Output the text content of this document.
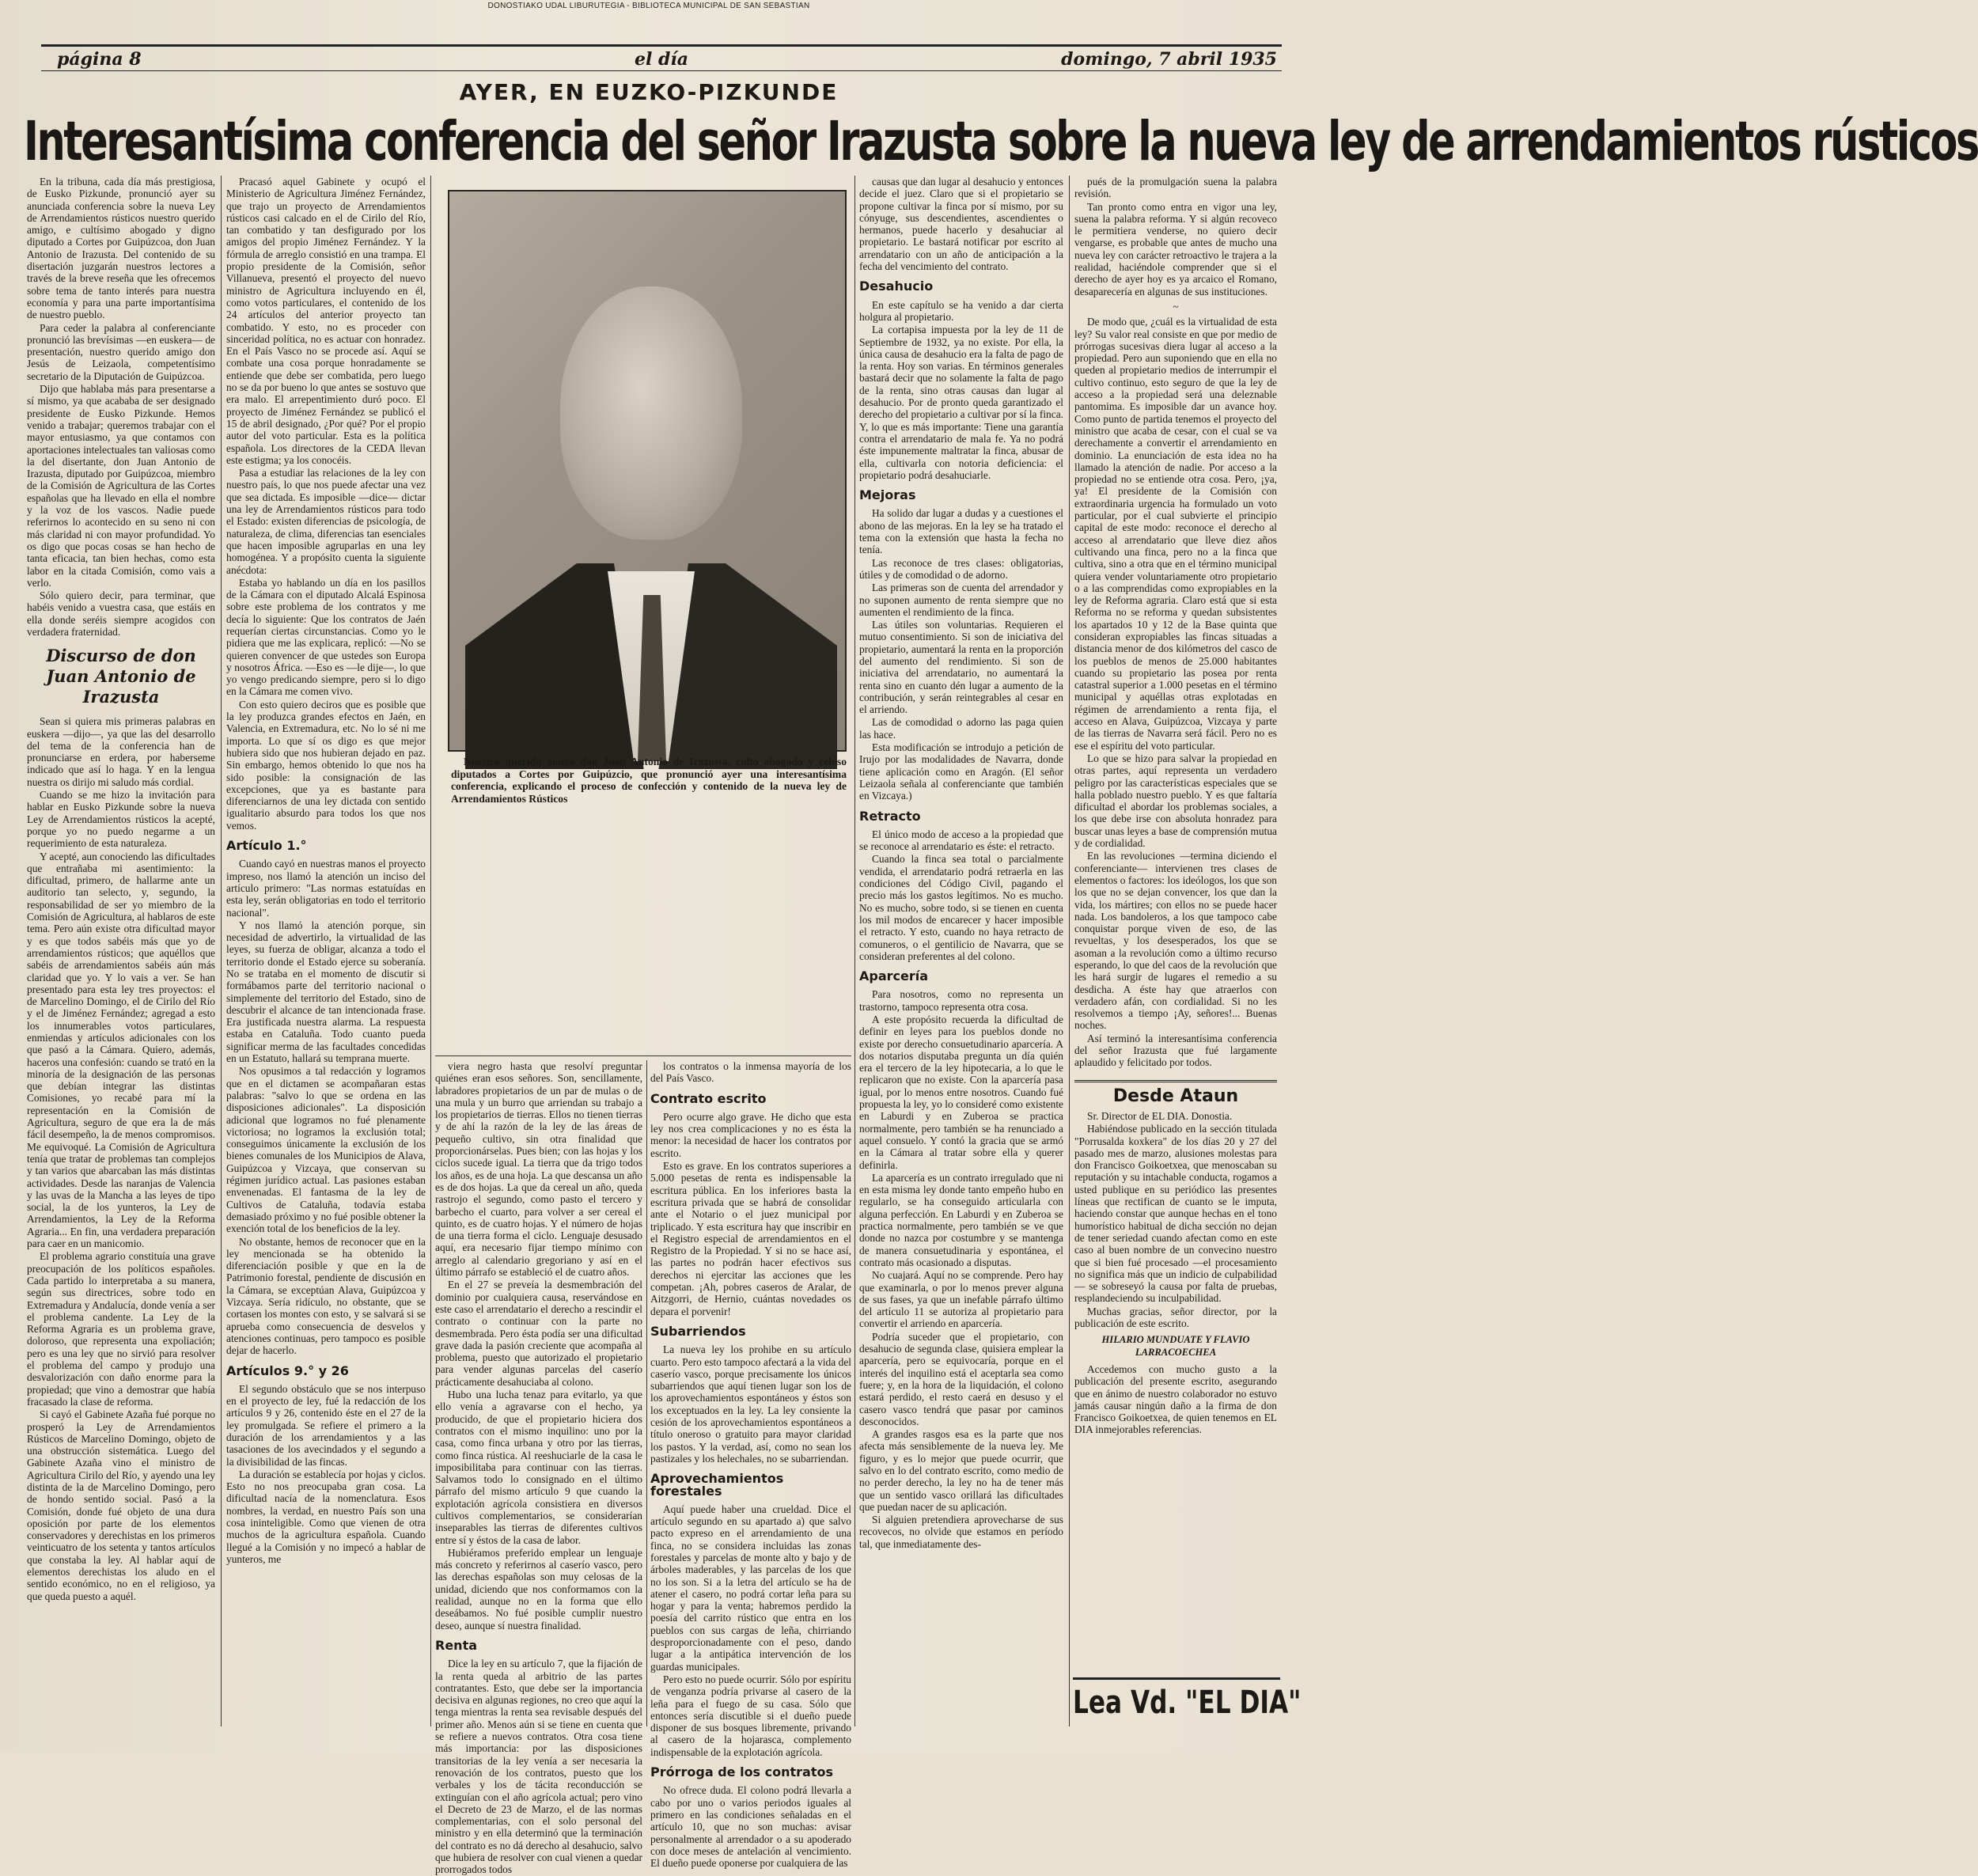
DONOSTIAKO UDAL LIBURUTEGIA - BIBLIOTECA MUNICIPAL DE SAN SEBASTIAN
página 8	el día	domingo, 7 abril 1935
AYER, EN EUZKO-PIZKUNDE
Interesantísima conferencia del señor Irazusta sobre la nueva ley de arrendamientos rústicos

En la tribuna, cada día más prestigiosa, de Eusko Pizkunde, pronunció ayer su anunciada conferencia sobre la nueva Ley de Arrendamientos rústicos nuestro querido amigo, e cultísimo abogado y digno diputado a Cortes por Guipúzcoa, don Juan Antonio de Irazusta. Del contenido de su disertación juzgarán nuestros lectores a través de la breve reseña que les ofrecemos sobre tema de tanto interés para nuestra economía y para una parte importantísima de nuestro pueblo.

Para ceder la palabra al conferenciante pronunció las brevísimas —en euskera— de presentación, nuestro querido amigo don Jesús de Leizaola, competentísimo secretario de la Diputación de Guipúzcoa.

Dijo que hablaba más para presentarse a sí mismo, ya que acababa de ser designado presidente de Eusko Pizkunde. Hemos venido a trabajar; queremos trabajar con el mayor entusiasmo, ya que contamos con aportaciones intelectuales tan valiosas como la del disertante, don Juan Antonio de Irazusta, diputado por Guipúzcoa, miembro de la Comisión de Agricultura de las Cortes españolas que ha llevado en ella el nombre y la voz de los vascos. Nadie puede referirnos lo acontecido en su seno ni con más claridad ni con mayor profundidad. Yo os digo que pocas cosas se han hecho de tanta eficacia, tan bien hechas, como esta labor en la citada Comisión, como vais a verlo.

Sólo quiero decir, para terminar, que habéis venido a vuestra casa, que estáis en ella donde seréis siempre acogidos con verdadera fraternidad.

Discurso de don Juan Antonio de Irazusta

Sean si quiera mis primeras palabras en euskera —dijo—, ya que las del desarrollo del tema de la conferencia han de pronunciarse en erdera, por haberseme indicado que así lo haga. Y en la lengua nuestra os dirijo mi saludo más cordial.

Cuando se me hizo la invitación para hablar en Eusko Pizkunde sobre la nueva Ley de Arrendamientos rústicos la acepté, porque yo no puedo negarme a un requerimiento de esta naturaleza.

Y acepté, aun conociendo las dificultades que entrañaba mi asentimiento: la dificultad, primero, de hallarme ante un auditorio tan selecto, y, segundo, la responsabilidad de ser yo miembro de la Comisión de Agricultura, al hablaros de este tema. Pero aún existe otra dificultad mayor y es que todos sabéis más que yo de arrendamientos rústicos; que aquéllos que sabéis de arrendamientos sabéis aún más claridad que yo. Y lo vais a ver. Se han presentado para esta ley tres proyectos: el de Marcelino Domingo, el de Cirilo del Río y el de Jiménez Fernández; agregad a esto los innumerables votos particulares, enmiendas y artículos adicionales con los que pasó a la Cámara. Quiero, además, haceros una confesión: cuando se trató en la minoría de la designación de las personas que debían integrar las distintas Comisiones, yo recabé para mí la representación en la Comisión de Agricultura, seguro de que era la de más fácil desempeño, la de menos compromisos. Me equivoqué. La Comisión de Agricultura tenía que tratar de problemas tan complejos y tan varios que abarcaban las más distintas actividades. Desde las naranjas de Valencia y las uvas de la Mancha a las leyes de tipo social, la de los yunteros, la Ley de Arrendamientos, la Ley de la Reforma Agraria... En fin, una verdadera preparación para caer en un manicomio.

El problema agrario constituía una grave preocupación de los políticos españoles. Cada partido lo interpretaba a su manera, según sus directrices, sobre todo en Extremadura y Andalucía, donde venía a ser el problema candente. La Ley de la Reforma Agraria es un problema grave, doloroso, que representa una expoliación; pero es una ley que no sirvió para resolver el problema del campo y produjo una desvalorización con daño enorme para la propiedad; que vino a demostrar que había fracasado la clase de reforma.

Si cayó el Gabinete Azaña fué porque no prosperó la Ley de Arrendamientos Rústicos de Marcelino Domingo, objeto de una obstrucción sistemática. Luego del Gabinete Azaña vino el ministro de Agricultura Cirilo del Río, y ayendo una ley distinta de la de Marcelino Domingo, pero de hondo sentido social. Pasó a la Comisión, donde fué objeto de una dura oposición por parte de los elementos conservadores y derechistas en los primeros veinticuatro de los setenta y tantos artículos que constaba la ley. Al hablar aquí de elementos derechistas los aludo en el sentido económico, no en el religioso, ya que queda puesto a aquél.

Pracasó aquel Gabinete y ocupó el Ministerio de Agricultura Jiménez Fernández, que trajo un proyecto de Arrendamientos rústicos casi calcado en el de Cirilo del Río, tan combatido y tan desfigurado por los amigos del propio Jiménez Fernández. Y la fórmula de arreglo consistió en una trampa. El propio presidente de la Comisión, señor Villanueva, presentó el proyecto del nuevo ministro de Agricultura incluyendo en él, como votos particulares, el contenido de los 24 artículos del anterior proyecto tan combatido. Y esto, no es proceder con sinceridad política, no es actuar con honradez. En el País Vasco no se procede así. Aquí se combate una cosa porque honradamente se entiende que debe ser combatida, pero luego no se da por bueno lo que antes se sostuvo que era malo. El arrepentimiento duró poco. El proyecto de Jiménez Fernández se publicó el 15 de abril designado, ¿Por qué? Por el propio autor del voto particular. Esta es la política española. Los directores de la CEDA llevan este estigma; ya los conocéis.

Pasa a estudiar las relaciones de la ley con nuestro país, lo que nos puede afectar una vez que sea dictada. Es imposible —dice— dictar una ley de Arrendamientos rústicos para todo el Estado: existen diferencias de psicología, de naturaleza, de clima, diferencias tan esenciales que hacen imposible agruparlas en una ley homogénea. Y a propósito cuenta la siguiente anécdota:

Estaba yo hablando un día en los pasillos de la Cámara con el diputado Alcalá Espinosa sobre este problema de los contratos y me decía lo siguiente: Que los contratos de Jaén requerían ciertas circunstancias. Como yo le pidiera que me las explicara, replicó: —No se quieren convencer de que ustedes son Europa y nosotros África. —Eso es —le dije—, lo que yo vengo predicando siempre, pero si lo digo en la Cámara me comen vivo.

Con esto quiero deciros que es posible que la ley produzca grandes efectos en Jaén, en Valencia, en Extremadura, etc. No lo sé ni me importa. Lo que sí os digo es que mejor hubiera sido que nos hubieran dejado en paz. Sin embargo, hemos obtenido lo que nos ha sido posible: la consignación de las excepciones, que ya es bastante para diferenciarnos de una ley dictada con sentido igualitario absurdo para todos los que nos vemos.

Artículo 1.°

Cuando cayó en nuestras manos el proyecto impreso, nos llamó la atención un inciso del artículo primero: "Las normas estatuídas en esta ley, serán obligatorias en todo el territorio nacional".

Y nos llamó la atención porque, sin necesidad de advertirlo, la virtualidad de las leyes, su fuerza de obligar, alcanza a todo el territorio donde el Estado ejerce su soberanía. No se trataba en el momento de discutir si formábamos parte del territorio nacional o simplemente del territorio del Estado, sino de descubrir el alcance de tan intencionada frase. Era justificada nuestra alarma. La respuesta estaba en Cataluña. Todo cuanto pueda significar merma de las facultades concedidas en un Estatuto, hallará su temprana muerte.

Nos opusimos a tal redacción y logramos que en el dictamen se acompañaran estas palabras: "salvo lo que se ordena en las disposiciones adicionales". La disposición adicional que logramos no fué plenamente victoriosa; no logramos la exclusión total; conseguimos únicamente la exclusión de los bienes comunales de los Municipios de Alava, Guipúzcoa y Vizcaya, que conservan su régimen jurídico actual. Las pasiones estaban envenenadas. El fantasma de la ley de Cultivos de Cataluña, todavía estaba demasiado próximo y no fué posible obtener la exención total de los beneficios de la ley.

No obstante, hemos de reconocer que en la ley mencionada se ha obtenido la diferenciación posible y que en la de Patrimonio forestal, pendiente de discusión en la Cámara, se exceptúan Alava, Guipúzcoa y Vizcaya. Sería ridículo, no obstante, que se cortasen los montes con esto, y se salvará si se aprueba como consecuencia de desvelos y atenciones continuas, pero tampoco es posible dejar de hacerlo.

Artículos 9.° y 26

El segundo obstáculo que se nos interpuso en el proyecto de ley, fué la redacción de los artículos 9 y 26, contenido éste en el 27 de la ley promulgada. Se refiere el primero a la duración de los arrendamientos y a las tasaciones de los avecindados y el segundo a la divisibilidad de las fincas.

La duración se establecía por hojas y ciclos. Esto no nos preocupaba gran cosa. La dificultad nacía de la nomenclatura. Esos nombres, la verdad, en nuestro País son una cosa ininteligible. Como que vienen de otra muchos de la agricultura española. Cuando llegué a la Comisión y no impecó a hablar de yunteros, me

Nuestro querido amigo don Juan Antonio de Irazusta, culto abogado y celoso diputados a Cortes por Guipúzcio, que pronunció ayer una interesantísima conferencia, explicando el proceso de confección y contenido de la nueva ley de Arrendamientos Rústicos

viera negro hasta que resolví preguntar quiénes eran esos señores. Son, sencillamente, labradores propietarios de un par de mulas o de una mula y un burro que arriendan su trabajo a los propietarios de tierras. Ellos no tienen tierras y de ahí la razón de la ley de las áreas de pequeño cultivo, sin otra finalidad que proporcionárselas. Pues bien; con las hojas y los ciclos sucede igual. La tierra que da trigo todos los años, es de una hoja. La que descansa un año es de dos hojas. La que da cereal un año, queda rastrojo el segundo, como pasto el tercero y barbecho el cuarto, para volver a ser cereal el quinto, es de cuatro hojas. Y el número de hojas de una tierra forma el ciclo. Lenguaje desusado aquí, era necesario fijar tiempo mínimo con arreglo al calendario gregoriano y así en el último párrafo se estableció el de cuatro años.

En el 27 se preveía la desmembración del dominio por cualquiera causa, reservándose en este caso el arrendatario el derecho a rescindir el contrato o continuar con la parte no desmembrada. Pero ésta podía ser una dificultad grave dada la pasión creciente que acompaña al problema, puesto que autorizado el propietario para vender algunas parcelas del caserío prácticamente desahuciaba al colono.

Hubo una lucha tenaz para evitarlo, ya que ello venía a agravarse con el hecho, ya producido, de que el propietario hiciera dos contratos con el mismo inquilino: uno por la casa, como finca urbana y otro por las tierras, como finca rústica. Al reeshuciarle de la casa le imposibilitaba para continuar con las tierras. Salvamos todo lo consignado en el último párrafo del mismo artículo 9 que cuando la explotación agrícola consistiera en diversos cultivos complementarios, se considerarían inseparables las tierras de diferentes cultivos entre sí y éstos de la casa de labor.

Hubiéramos preferido emplear un lenguaje más concreto y referirnos al caserío vasco, pero las derechas españolas son muy celosas de la unidad, diciendo que nos conformamos con la realidad, aunque no en la forma que ello deseábamos. No fué posible cumplir nuestro deseo, aunque sí nuestra finalidad.

Renta

Dice la ley en su artículo 7, que la fijación de la renta queda al arbitrio de las partes contratantes. Esto, que debe ser la importancia decisiva en algunas regiones, no creo que aquí la tenga mientras la renta sea revisable después del primer año. Menos aún si se tiene en cuenta que se refiere a nuevos contratos. Otra cosa tiene más importancia: por las disposiciones transitorias de la ley venía a ser necesaria la renovación de los contratos, puesto que los verbales y los de tácita reconducción se extinguían con el año agrícola actual; pero vino el Decreto de 23 de Marzo, el de las normas complementarias, con el solo personal del ministro y en ella determinó que la terminación del contrato es no dá derecho al desahucio, salvo que hubiera de resolver con cual vienen a quedar prorrogados todos

los contratos o la inmensa mayoría de los del País Vasco.

Contrato escrito

Pero ocurre algo grave. He dicho que esta ley nos crea complicaciones y no es ésta la menor: la necesidad de hacer los contratos por escrito.

Esto es grave. En los contratos superiores a 5.000 pesetas de renta es indispensable la escritura pública. En los inferiores basta la escritura privada que se habrá de consolidar ante el Notario o el juez municipal por triplicado. Y esta escritura hay que inscribir en el Registro especial de arrendamientos en el Registro de la Propiedad. Y si no se hace así, las partes no podrán hacer efectivos sus derechos ni ejercitar las acciones que les competan. ¡Ah, pobres caseros de Aralar, de Aitzgorri, de Hernio, cuántas novedades os depara el porvenir!

Subarriendos

La nueva ley los prohibe en su artículo cuarto. Pero esto tampoco afectará a la vida del caserío vasco, porque precisamente los únicos subarriendos que aquí tienen lugar son los de los aprovechamientos espontáneos y éstos son los exceptuados en la ley. La ley consiente la cesión de los aprovechamientos espontáneos a título oneroso o gratuito para mayor claridad los pastos. Y la verdad, así, como no sean los pastizales y los helechales, no se subarriendan.

Aprovechamientos forestales

Aquí puede haber una crueldad. Dice el artículo segundo en su apartado a) que salvo pacto expreso en el arrendamiento de una finca, no se considera incluidas las zonas forestales y parcelas de monte alto y bajo y de árboles maderables, y las parcelas de los que no los son. Si a la letra del artículo se ha de atener el casero, no podrá cortar leña para su hogar y para la venta; habremos perdido la poesía del carrito rústico que entra en los pueblos con sus cargas de leña, chirriando desproporcionadamente con el peso, dando lugar a la antipática intervención de los guardas municipales.

Pero esto no puede ocurrir. Sólo por espíritu de venganza podría privarse al casero de la leña para el fuego de su casa. Sólo que entonces sería discutible si el dueño puede disponer de sus bosques libremente, privando al casero de la hojarasca, complemento indispensable de la explotación agrícola.

Prórroga de los contratos

No ofrece duda. El colono podrá llevarla a cabo por uno o varios periodos iguales al primero en las condiciones señaladas en el artículo 10, que no son muchas: avisar personalmente al arrendador o a su apoderado con doce meses de antelación al vencimiento. El dueño puede oponerse por cualquiera de las

causas que dan lugar al desahucio y entonces decide el juez. Claro que si el propietario se propone cultivar la finca por sí mismo, por su cónyuge, sus descendientes, ascendientes o hermanos, puede hacerlo y desahuciar al propietario. Le bastará notificar por escrito al arrendatario con un año de anticipación a la fecha del vencimiento del contrato.

Desahucio

En este capítulo se ha venido a dar cierta holgura al propietario.

La cortapisa impuesta por la ley de 11 de Septiembre de 1932, ya no existe. Por ella, la única causa de desahucio era la falta de pago de la renta. Hoy son varias. En términos generales bastará decir que no solamente la falta de pago de la renta, sino otras causas dan lugar al desahucio. Por de pronto queda garantizado el derecho del propietario a cultivar por sí la finca. Y, lo que es más importante: Tiene una garantía contra el arrendatario de mala fe. Ya no podrá éste impunemente maltratar la finca, abusar de ella, cultivarla con notoria deficiencia: el propietario podrá desahuciarle.

Mejoras

Ha solido dar lugar a dudas y a cuestiones el abono de las mejoras. En la ley se ha tratado el tema con la extensión que hasta la fecha no tenía.

Las reconoce de tres clases: obligatorias, útiles y de comodidad o de adorno.

Las primeras son de cuenta del arrendador y no suponen aumento de renta siempre que no aumenten el rendimiento de la finca.

Las útiles son voluntarias. Requieren el mutuo consentimiento. Si son de iniciativa del propietario, aumentará la renta en la proporción del aumento del rendimiento. Si son de iniciativa del arrendatario, no aumentará la renta sino en cuanto dén lugar a aumento de la contribución, y serán reintegrables al cesar en el arriendo.

Las de comodidad o adorno las paga quien las hace.

Esta modificación se introdujo a petición de Irujo por las modalidades de Navarra, donde tiene aplicación como en Aragón. (El señor Leizaola señala al conferenciante que también en Vizcaya.)

Retracto

El único modo de acceso a la propiedad que se reconoce al arrendatario es éste: el retracto.

Cuando la finca sea total o parcialmente vendida, el arrendatario podrá retraerla en las condiciones del Código Civil, pagando el precio más los gastos legítimos. No es mucho. No es mucho, sobre todo, si se tienen en cuenta los mil modos de encarecer y hacer imposible el retracto. Y esto, cuando no haya retracto de comuneros, o el gentilicio de Navarra, que se consideran preferentes al del colono.

Aparcería

Para nosotros, como no representa un trastorno, tampoco representa otra cosa.

A este propósito recuerda la dificultad de definir en leyes para los pueblos donde no existe por derecho consuetudinario aparcería. A dos notarios disputaba pregunta un día quién era el tercero de la ley hipotecaria, a lo que le replicaron que no existe. Con la aparcería pasa igual, por lo menos entre nosotros. Cuando fué propuesta la ley, yo lo consideré como existente en Laburdi y en Zuberoa se practica normalmente, pero también se ha renunciado a aquel consuelo. Y contó la gracia que se armó en la Cámara al tratar sobre ella y querer definirla.

La aparcería es un contrato irregulado que ni en esta misma ley donde tanto empeño hubo en regularlo, se ha conseguido articularla con alguna perfección. En Laburdi y en Zuberoa se practica normalmente, pero también se ve que donde no nazca por costumbre y se mantenga de manera consuetudinaria y espontánea, el contrato más ocasionado a disputas.

No cuajará. Aquí no se comprende. Pero hay que examinarla, o por lo menos prever alguna de sus fases, ya que un inefable párrafo último del artículo 11 se autoriza al propietario para convertir el arriendo en aparcería.

Podría suceder que el propietario, con desahucio de segunda clase, quisiera emplear la aparcería, pero se equivocaría, porque en el interés del inquilino está el aceptarla sea como fuere; y, en la hora de la liquidación, el colono estará perdido, el resto caerá en desuso y el casero vasco tendrá que pasar por caminos desconocidos.

A grandes rasgos esa es la parte que nos afecta más sensiblemente de la nueva ley. Me figuro, y es lo mejor que puede ocurrir, que salvo en lo del contrato escrito, como medio de no perder derecho, la ley no ha de tener más que un sentido vasco orillará las dificultades que puedan nacer de su aplicación.

Si alguien pretendiera aprovecharse de sus recovecos, no olvide que estamos en período tal, que inmediatamente des-

pués de la promulgación suena la palabra revisión.

Tan pronto como entra en vigor una ley, suena la palabra reforma. Y si algún recoveco le permitiera venderse, no quiero decir vengarse, es probable que antes de mucho una nueva ley con carácter retroactivo le trajera a la realidad, haciéndole comprender que si el derecho de ayer hoy es ya arcaico el Romano, desaparecería en algunas de sus instituciones.

~

De modo que, ¿cuál es la virtualidad de esta ley? Su valor real consiste en que por medio de prórrogas sucesivas diera lugar al acceso a la propiedad. Pero aun suponiendo que en ella no queden al propietario medios de interrumpir el cultivo continuo, esto seguro de que la ley de acceso a la propiedad será una deleznable pantomima. Es imposible dar un avance hoy. Como punto de partida tenemos el proyecto del ministro que acaba de cesar, con el cual se va derechamente a convertir el arrendamiento en dominio. La enunciación de esta idea no ha llamado la atención de nadie. Por acceso a la propiedad no se entiende otra cosa. Pero, ¡ya, ya! El presidente de la Comisión con extraordinaria urgencia ha formulado un voto particular, por el cual subvierte el principio capital de este modo: reconoce el derecho al acceso al arrendatario que lleve diez años cultivando una finca, pero no a la finca que cultiva, sino a otra que en el término municipal quiera vender voluntariamente otro propietario o a las comprendidas como expropiables en la ley de Reforma agraria. Claro está que si esta Reforma no se reforma y quedan subsistentes los apartados 10 y 12 de la Base quinta que consideran expropiables las fincas situadas a distancia menor de dos kilómetros del casco de los pueblos de menos de 25.000 habitantes cuando su propietario las posea por renta catastral superior a 1.000 pesetas en el término municipal y aquéllas otras explotadas en régimen de arrendamiento a renta fija, el acceso en Alava, Guipúzcoa, Vizcaya y parte de las tierras de Navarra será fácil. Pero no es ese el espíritu del voto particular.

Lo que se hizo para salvar la propiedad en otras partes, aquí representa un verdadero peligro por las características especiales que se halla poblado nuestro pueblo. Y es que faltaría dificultad el abordar los problemas sociales, a los que debe irse con absoluta honradez para buscar unas leyes a base de comprensión mutua y de cordialidad.

En las revoluciones —termina diciendo el conferenciante— intervienen tres clases de elementos o factores: los ideólogos, los que son los que no se dejan convencer, los que dan la vida, los mártires; con ellos no se puede hacer nada. Los bandoleros, a los que tampoco cabe conquistar porque viven de eso, de las revueltas, y los desesperados, los que se asoman a la revolución como a último recurso esperando, lo que del caos de la revolución que les hará surgir de lugares el remedio a su desdicha. A éste hay que atraerlos con verdadero afán, con cordialidad. Si no les resolvemos a tiempo ¡Ay, señores!... Buenas noches.

Así terminó la interesantísima conferencia del señor Irazusta que fué largamente aplaudido y felicitado por todos.

Desde Ataun

Sr. Director de EL DIA. Donostia.

Habiéndose publicado en la sección titulada "Porrusalda koxkera" de los días 20 y 27 del pasado mes de marzo, alusiones molestas para don Francisco Goikoetxea, que menoscaban su reputación y su intachable conducta, rogamos a usted publique en su periódico las presentes líneas que rectifican de cuanto se le imputa, haciendo constar que aunque hechas en el tono humorístico habitual de dicha sección no dejan de tener seriedad cuando afectan como en este caso al buen nombre de un convecino nuestro que si bien fué procesado —el procesamiento no significa más que un indicio de culpabilidad— se sobreseyó la causa por falta de pruebas, resplandeciendo su inculpabilidad.

Muchas gracias, señor director, por la publicación de este escrito.

HILARIO MUNDUATE Y FLAVIO LARRACOECHEA

Accedemos con mucho gusto a la publicación del presente escrito, asegurando que en ánimo de nuestro colaborador no estuvo jamás causar ningún daño a la firma de don Francisco Goikoetxea, de quien tenemos en EL DIA inmejorables referencias.

Lea Vd. "EL DIA"
